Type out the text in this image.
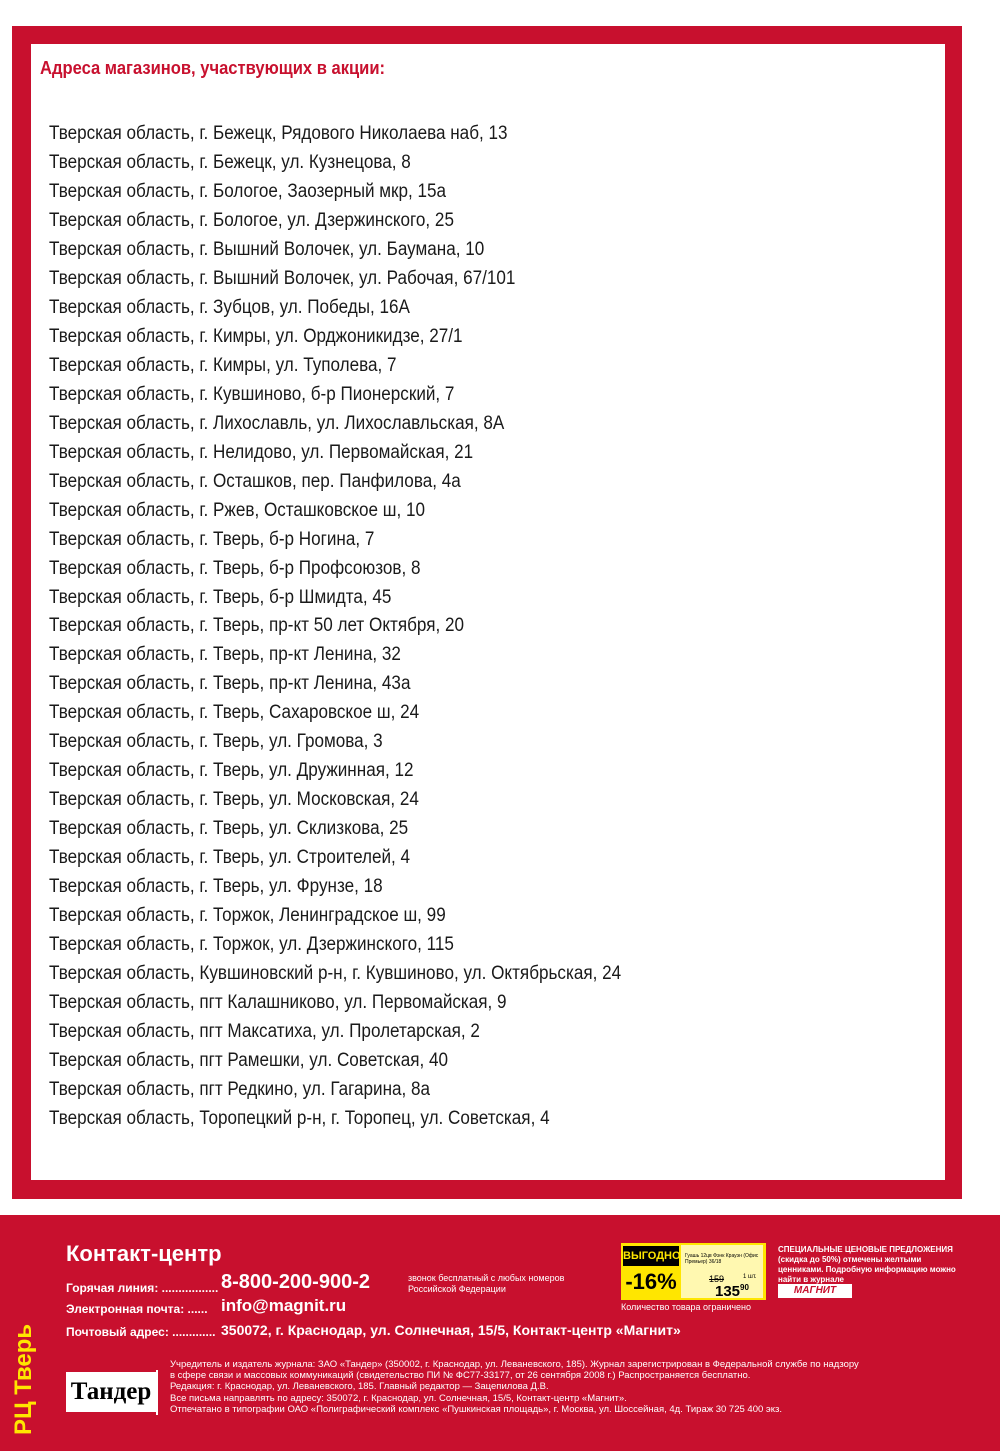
Адреса магазинов, участвующих в акции:
Тверская область, г. Бежецк, Рядового Николаева наб, 13
Тверская область, г. Бежецк, ул. Кузнецова, 8
Тверская область, г. Бологое, Заозерный мкр, 15а
Тверская область, г. Бологое, ул. Дзержинского, 25
Тверская область, г. Вышний Волочек, ул. Баумана, 10
Тверская область, г. Вышний Волочек, ул. Рабочая, 67/101
Тверская область, г. Зубцов, ул. Победы, 16А
Тверская область, г. Кимры, ул. Орджоникидзе, 27/1
Тверская область, г. Кимры, ул. Туполева, 7
Тверская область, г. Кувшиново, б-р Пионерский, 7
Тверская область, г. Лихославль, ул. Лихославльская, 8А
Тверская область, г. Нелидово, ул. Первомайская, 21
Тверская область, г. Осташков, пер. Панфилова, 4а
Тверская область, г. Ржев, Осташковское ш, 10
Тверская область, г. Тверь, б-р Ногина, 7
Тверская область, г. Тверь, б-р Профсоюзов, 8
Тверская область, г. Тверь, б-р Шмидта, 45
Тверская область, г. Тверь, пр-кт 50 лет Октября, 20
Тверская область, г. Тверь, пр-кт Ленина, 32
Тверская область, г. Тверь, пр-кт Ленина, 43а
Тверская область, г. Тверь, Сахаровское ш, 24
Тверская область, г. Тверь, ул. Громова, 3
Тверская область, г. Тверь, ул. Дружинная, 12
Тверская область, г. Тверь, ул. Московская, 24
Тверская область, г. Тверь, ул. Склизкова, 25
Тверская область, г. Тверь, ул. Строителей, 4
Тверская область, г. Тверь, ул. Фрунзе, 18
Тверская область, г. Торжок, Ленинградское ш, 99
Тверская область, г. Торжок, ул. Дзержинского, 115
Тверская область, Кувшиновский р-н, г. Кувшиново, ул. Октябрьская, 24
Тверская область, пгт Калашниково, ул. Первомайская, 9
Тверская область, пгт Максатиха, ул. Пролетарская, 2
Тверская область, пгт Рамешки, ул. Советская, 40
Тверская область, пгт Редкино, ул. Гагарина, 8а
Тверская область, Торопецкий р-н, г. Торопец, ул. Советская, 4
РЦ Тверь
Контакт-центр
Горячая линия: ................. 8-800-200-900-2	звонок бесплатный с любых номеров Российской Федерации
Электронная почта: ...... info@magnit.ru
Почтовый адрес: ............. 350072, г. Краснодар, ул. Солнечная, 15/5, Контакт-центр «Магнит»
ВЫГОДНО
-16%
Гуашь 12цв Фэнк Крауэн (Офис Премьер) 36/18
159	1 шт.
$135^{90}$
Количество товара ограничено
СПЕЦИАЛЬНЫЕ ЦЕНОВЫЕ ПРЕДЛОЖЕНИЯ (скидка до 50%) отмечены желтыми ценниками. Подробную информацию можно найти в журнале
МАГНИТ
Тандер
Учредитель и издатель журнала: ЗАО «Тандер» (350002, г. Краснодар, ул. Леваневского, 185). Журнал зарегистрирован в Федеральной службе по надзору
в сфере связи и массовых коммуникаций (свидетельство ПИ № ФС77-33177, от 26 сентября 2008 г.) Распространяется бесплатно.
Редакция: г. Краснодар, ул. Леваневского, 185. Главный редактор — Зацепилова Д.В.
Все письма направлять по адресу: 350072, г. Краснодар, ул. Солнечная, 15/5, Контакт-центр «Магнит».
Отпечатано в типографии ОАО «Полиграфический комплекс «Пушкинская площадь», г. Москва, ул. Шоссейная, 4д. Тираж 30 725 400 экз.
